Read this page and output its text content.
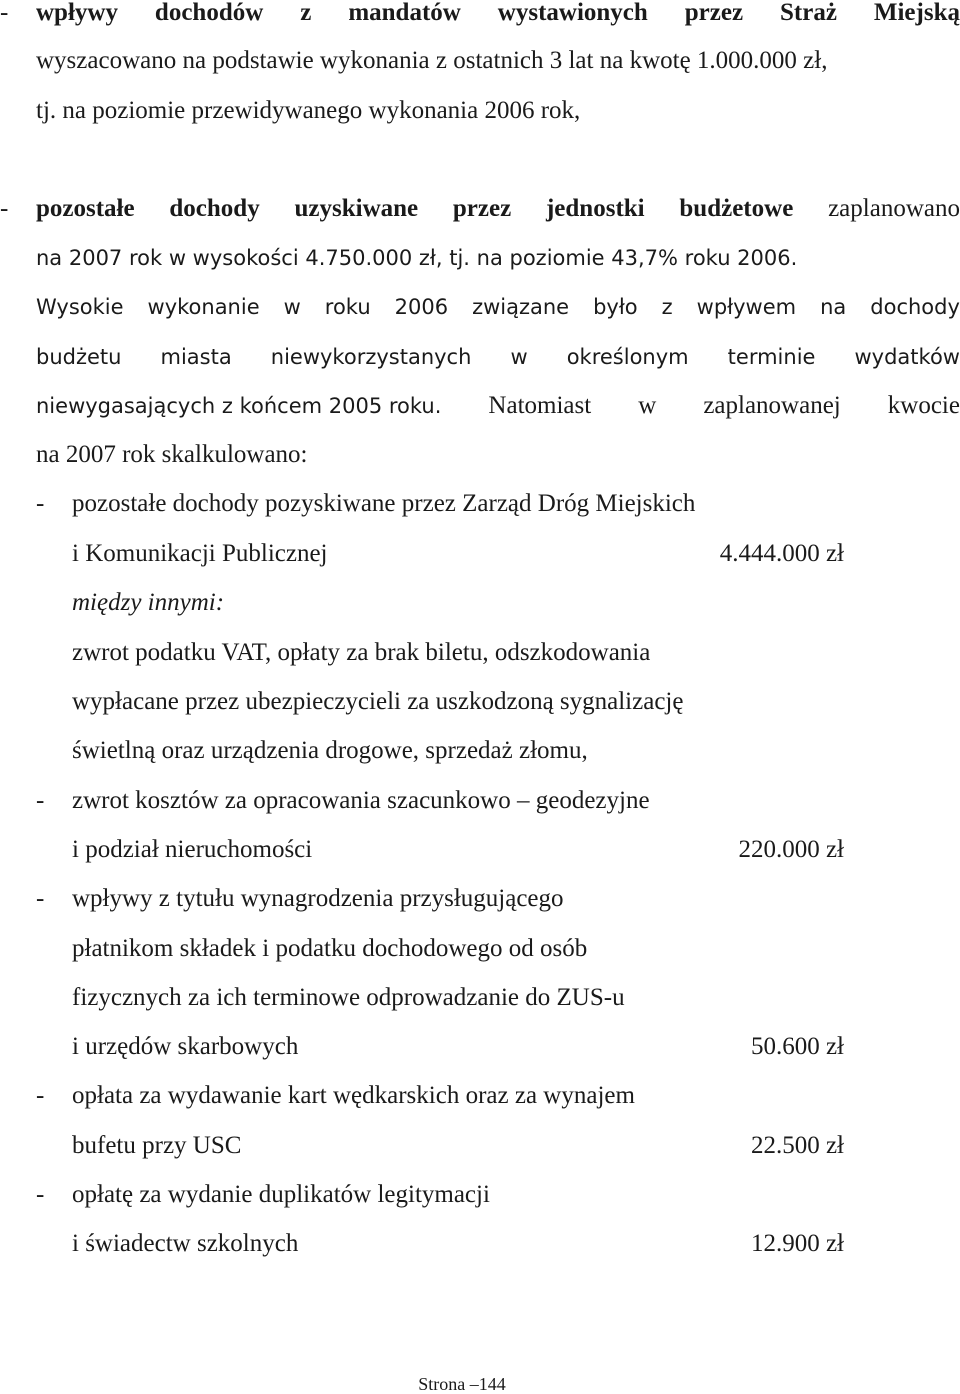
- wpływy dochodów z mandatów wystawionych przez Straż Miejską
wyszacowano na podstawie wykonania z ostatnich 3 lat na kwotę 1.000.000 zł,
tj. na poziomie przewidywanego wykonania 2006 rok,
- pozostałe dochody uzyskiwane przez jednostki budżetowe zaplanowano
na 2007 rok w wysokości 4.750.000 zł, tj. na poziomie 43,7% roku 2006.
Wysokie wykonanie w roku 2006 związane było z wpływem na dochody
budżetu miasta niewykorzystanych w określonym terminie wydatków
niewygasających z końcem 2005 roku. Natomiast w zaplanowanej kwocie
na 2007 rok skalkulowano:
- pozostałe dochody pozyskiwane przez Zarząd Dróg Miejskich
i Komunikacji Publicznej	4.444.000 zł
między innymi:
zwrot podatku VAT, opłaty za brak biletu, odszkodowania
wypłacane przez ubezpieczycieli za uszkodzoną sygnalizację
świetlną oraz urządzenia drogowe, sprzedaż złomu,
- zwrot kosztów za opracowania szacunkowo – geodezyjne
i podział nieruchomości	220.000 zł
- wpływy z tytułu wynagrodzenia przysługującego
płatnikom składek i podatku dochodowego od osób
fizycznych za ich terminowe odprowadzanie do ZUS-u
i urzędów skarbowych	50.600 zł
- opłata za wydawanie kart wędkarskich oraz za wynajem
bufetu przy USC	22.500 zł
- opłatę za wydanie duplikatów legitymacji
i świadectw szkolnych	12.900 zł
Strona –144
